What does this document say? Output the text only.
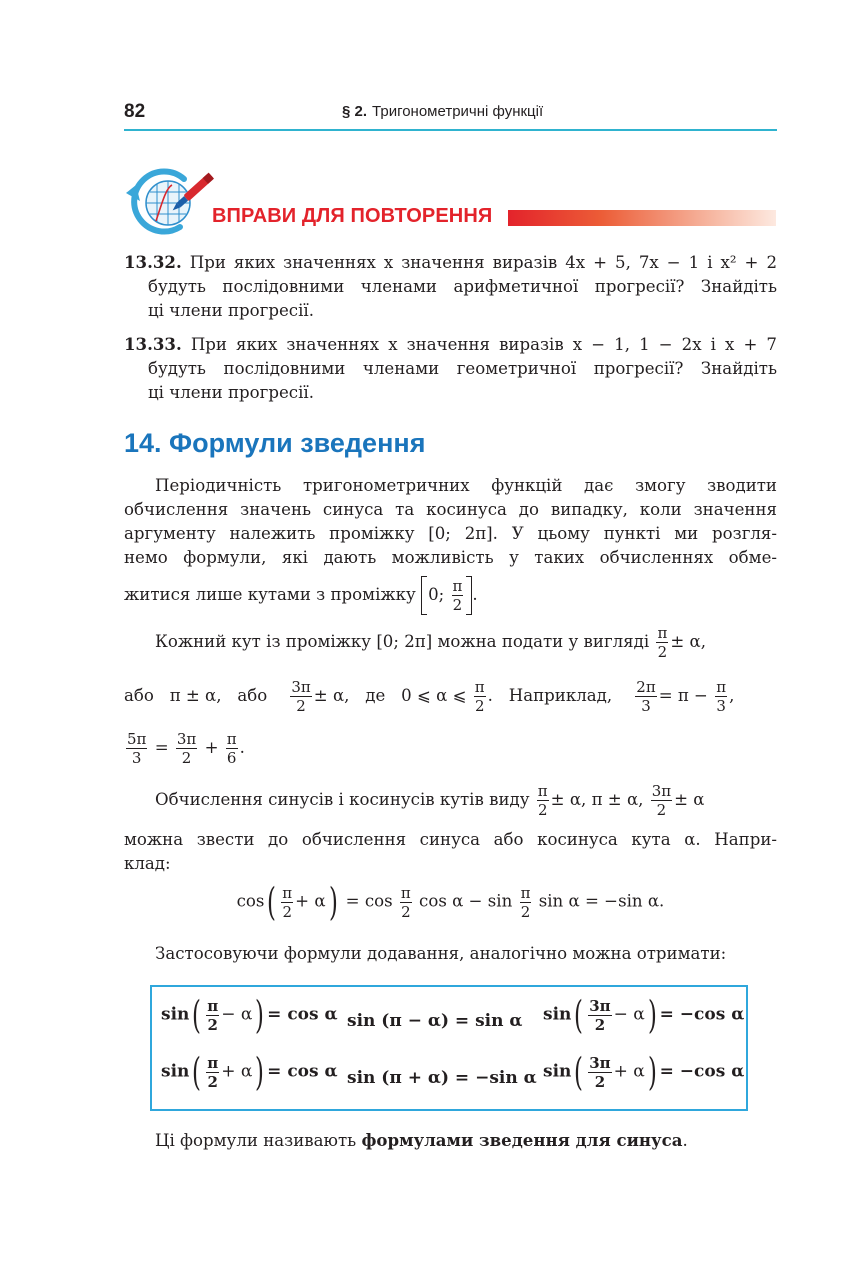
82	§ 2. Тригонометричні функції
ВПРАВИ ДЛЯ ПОВТОРЕННЯ
13.32. При яких значеннях x значення виразів 4x + 5, 7x − 1 і x² + 2
будуть послідовними членами арифметичної прогресії? Знайдіть
ці члени прогресії.
13.33. При яких значеннях x значення виразів x − 1, 1 − 2x і x + 7
будуть послідовними членами геометричної прогресії? Знайдіть
ці члени прогресії.
14. Формули зведення
Періодичність тригонометричних функцій дає змогу зводити
обчислення значень синуса та косинуса до випадку, коли значення
аргументу належить проміжку [0; 2π]. У цьому пункті ми розгля-
немо формули, які дають можливість у таких обчисленнях обме-
житися лише кутами з проміжку 0; $\frac{\pi}{2}$ .
Кожний кут із проміжку [0; 2π] можна подати у вигляді $\frac{\pi}{2} \pm \alpha$,
або   π ± α,   або $\frac{3\pi}{2} \pm \alpha$,   де   0 ⩽ α ⩽ $\frac{\pi}{2}$ .   Наприклад, $\frac{2\pi}{3} = \pi - \frac{\pi}{3}$ ,
$\frac{5\pi}{3} = \frac{3\pi}{2} + \frac{\pi}{6}$ .
Обчислення синусів і косинусів кутів виду $\frac{\pi}{2} \pm \alpha$, π ± α, $\frac{3\pi}{2} \pm \alpha$
можна звести до обчислення синуса або косинуса кута α. Напри-
клад:
$\cos( \frac{\pi}{2} + \alpha) = \cos \frac{\pi}{2}$ $\cos \alpha - \sin \frac{\pi}{2}$ sin α = −sin α.
Застосовуючи формули додавання, аналогічно можна отримати:
$\sin( \frac{\pi}{2} - \alpha) = \cos \alpha$ sin (π − α) = sin α $\sin( \frac{3\pi}{2} - \alpha) = -\cos$ α
$\sin( \frac{\pi}{2} + \alpha) = \cos \alpha$ sin (π + α) = −sin α $\sin( \frac{3\pi}{2} + \alpha) = -\cos$ α
Ці формули називають формулами зведення для синуса.
